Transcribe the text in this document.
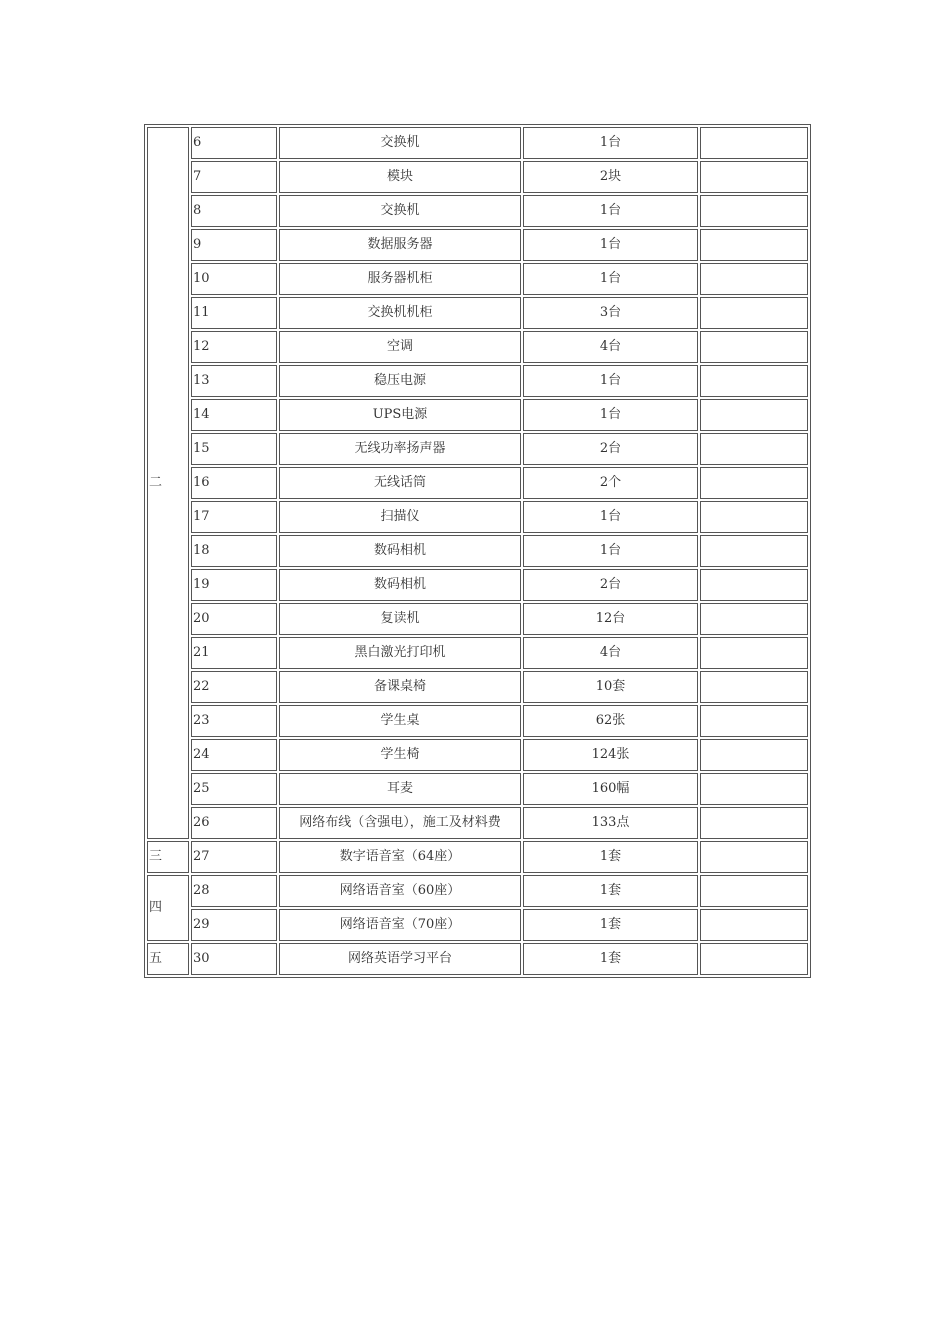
二	6	交换机	1台	
	7	模块	2块	
	8	交换机	1台	
	9	数据服务器	1台	
	10	服务器机柜	1台	
	11	交换机机柜	3台	
	12	空调	4台	
	13	稳压电源	1台	
	14	UPS电源	1台	
	15	无线功率扬声器	2台	
	16	无线话筒	2个	
	17	扫描仪	1台	
	18	数码相机	1台	
	19	数码相机	2台	
	20	复读机	12台	
	21	黑白激光打印机	4台	
	22	备课桌椅	10套	
	23	学生桌	62张	
	24	学生椅	124张	
	25	耳麦	160幅	
	26	网络布线（含强电），施工及材料费	133点	
三	27	数字语音室（64座）	1套	
四	28	网络语音室（60座）	1套	
	29	网络语音室（70座）	1套	
五	30	网络英语学习平台	1套	
